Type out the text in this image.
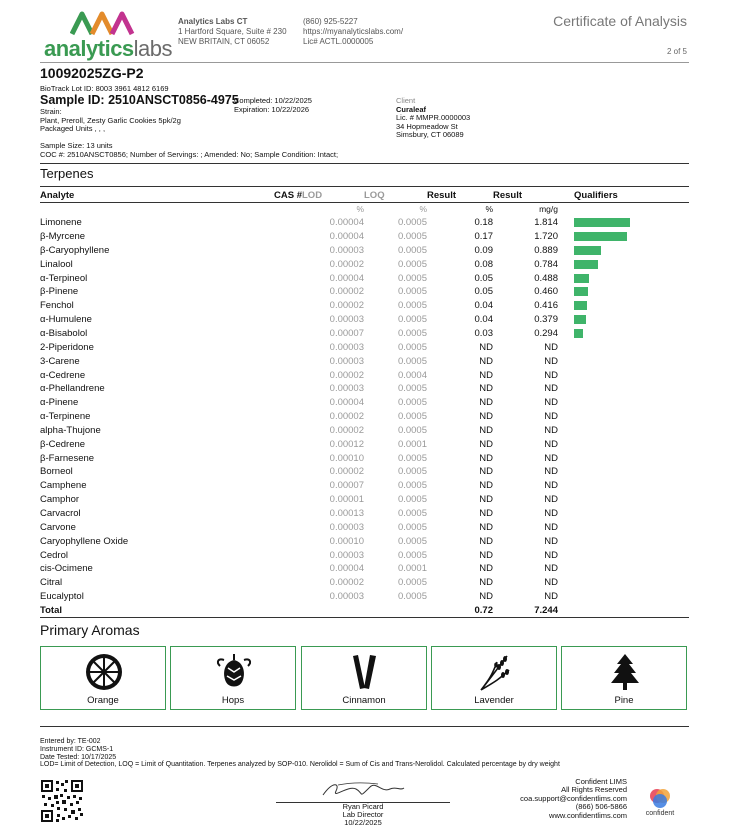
analyticslabs
Analytics Labs CT
1 Hartford Square, Suite # 230
NEW BRITAIN, CT 06052
(860) 925-5227
https://myanalyticslabs.com/
Lic# ACTL.0000005
Certificate of Analysis
2 of 5
10092025ZG-P2
BioTrack Lot ID: 8003 3961 4812 6169
Sample ID: 2510ANSCT0856-4975
Strain:
Plant, Preroll, Zesty Garlic Cookies 5pk/2g
Packaged Units , , ,
Completed: 10/22/2025
Expiration: 10/22/2026
Client
Curaleaf
Lic. # MMPR.0000003
34 Hopmeadow St
Simsbury, CT 06089
Sample Size: 13 units
COC #: 2510ANSCT0856; Number of Servings: ; Amended: No; Sample Condition: Intact;
Terpenes
Analyte	CAS #	LOD	LOQ	Result	Result	Qualifiers
		%	%	%	mg/g	
Limonene		0.00004	0.0005	0.18	1.814	

β-Myrcene		0.00004	0.0005	0.17	1.720	

β-Caryophyllene		0.00003	0.0005	0.09	0.889	

Linalool		0.00002	0.0005	0.08	0.784	

α-Terpineol		0.00004	0.0005	0.05	0.488	

β-Pinene		0.00002	0.0005	0.05	0.460	

Fenchol		0.00002	0.0005	0.04	0.416	

α-Humulene		0.00003	0.0005	0.04	0.379	

α-Bisabolol		0.00007	0.0005	0.03	0.294	

2-Piperidone		0.00003	0.0005	ND	ND	
3-Carene		0.00003	0.0005	ND	ND	
α-Cedrene		0.00002	0.0004	ND	ND	
α-Phellandrene		0.00003	0.0005	ND	ND	
α-Pinene		0.00004	0.0005	ND	ND	
α-Terpinene		0.00002	0.0005	ND	ND	
alpha-Thujone		0.00002	0.0005	ND	ND	
β-Cedrene		0.00012	0.0001	ND	ND	
β-Farnesene		0.00010	0.0005	ND	ND	
Borneol		0.00002	0.0005	ND	ND	
Camphene		0.00007	0.0005	ND	ND	
Camphor		0.00001	0.0005	ND	ND	
Carvacrol		0.00013	0.0005	ND	ND	
Carvone		0.00003	0.0005	ND	ND	
Caryophyllene Oxide		0.00010	0.0005	ND	ND	
Cedrol		0.00003	0.0005	ND	ND	
cis-Ocimene		0.00004	0.0001	ND	ND	
Citral		0.00002	0.0005	ND	ND	
Eucalyptol		0.00003	0.0005	ND	ND	
Total				0.72	7.244	
Primary Aromas
Orange	Hops	Cinnamon	Lavender	Pine
Entered by: TE-002
Instrument ID: GCMS-1
Date Tested: 10/17/2025
LOD= Limit of Detection, LOQ = Limit of Quantitation. Terpenes analyzed by SOP-010. Nerolidol = Sum of Cis and Trans-Nerolidol. Calculated percentage by dry weight
Ryan Picard
Lab Director
10/22/2025
Confident LIMS
All Rights Reserved
coa.support@confidentlims.com
(866) 506-5866
www.confidentlims.com	confident
